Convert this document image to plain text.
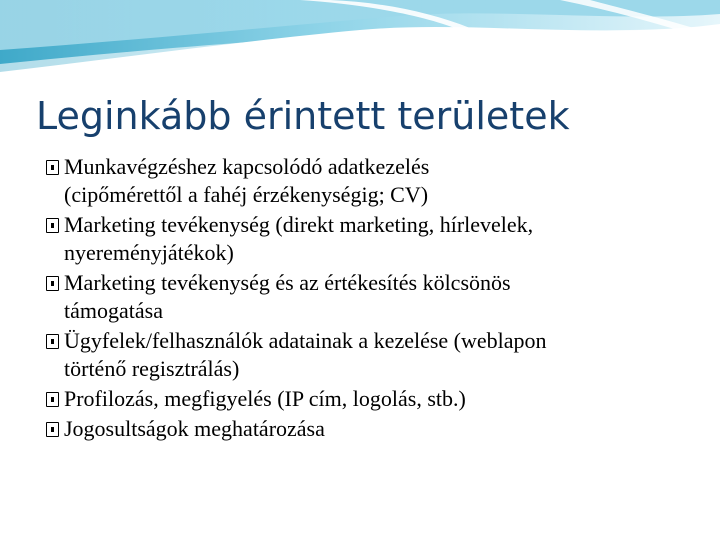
Leginkább érintett területek
Munkavégzéshez kapcsolódó adatkezelés
(cipőmérettől a fahéj érzékenységig; CV)
Marketing tevékenység (direkt marketing, hírlevelek,
nyereményjátékok)
Marketing tevékenység és az értékesítés kölcsönös
támogatása
Ügyfelek/felhasználók adatainak a kezelése (weblapon
történő regisztrálás)
Profilozás, megfigyelés (IP cím, logolás, stb.)
Jogosultságok meghatározása
